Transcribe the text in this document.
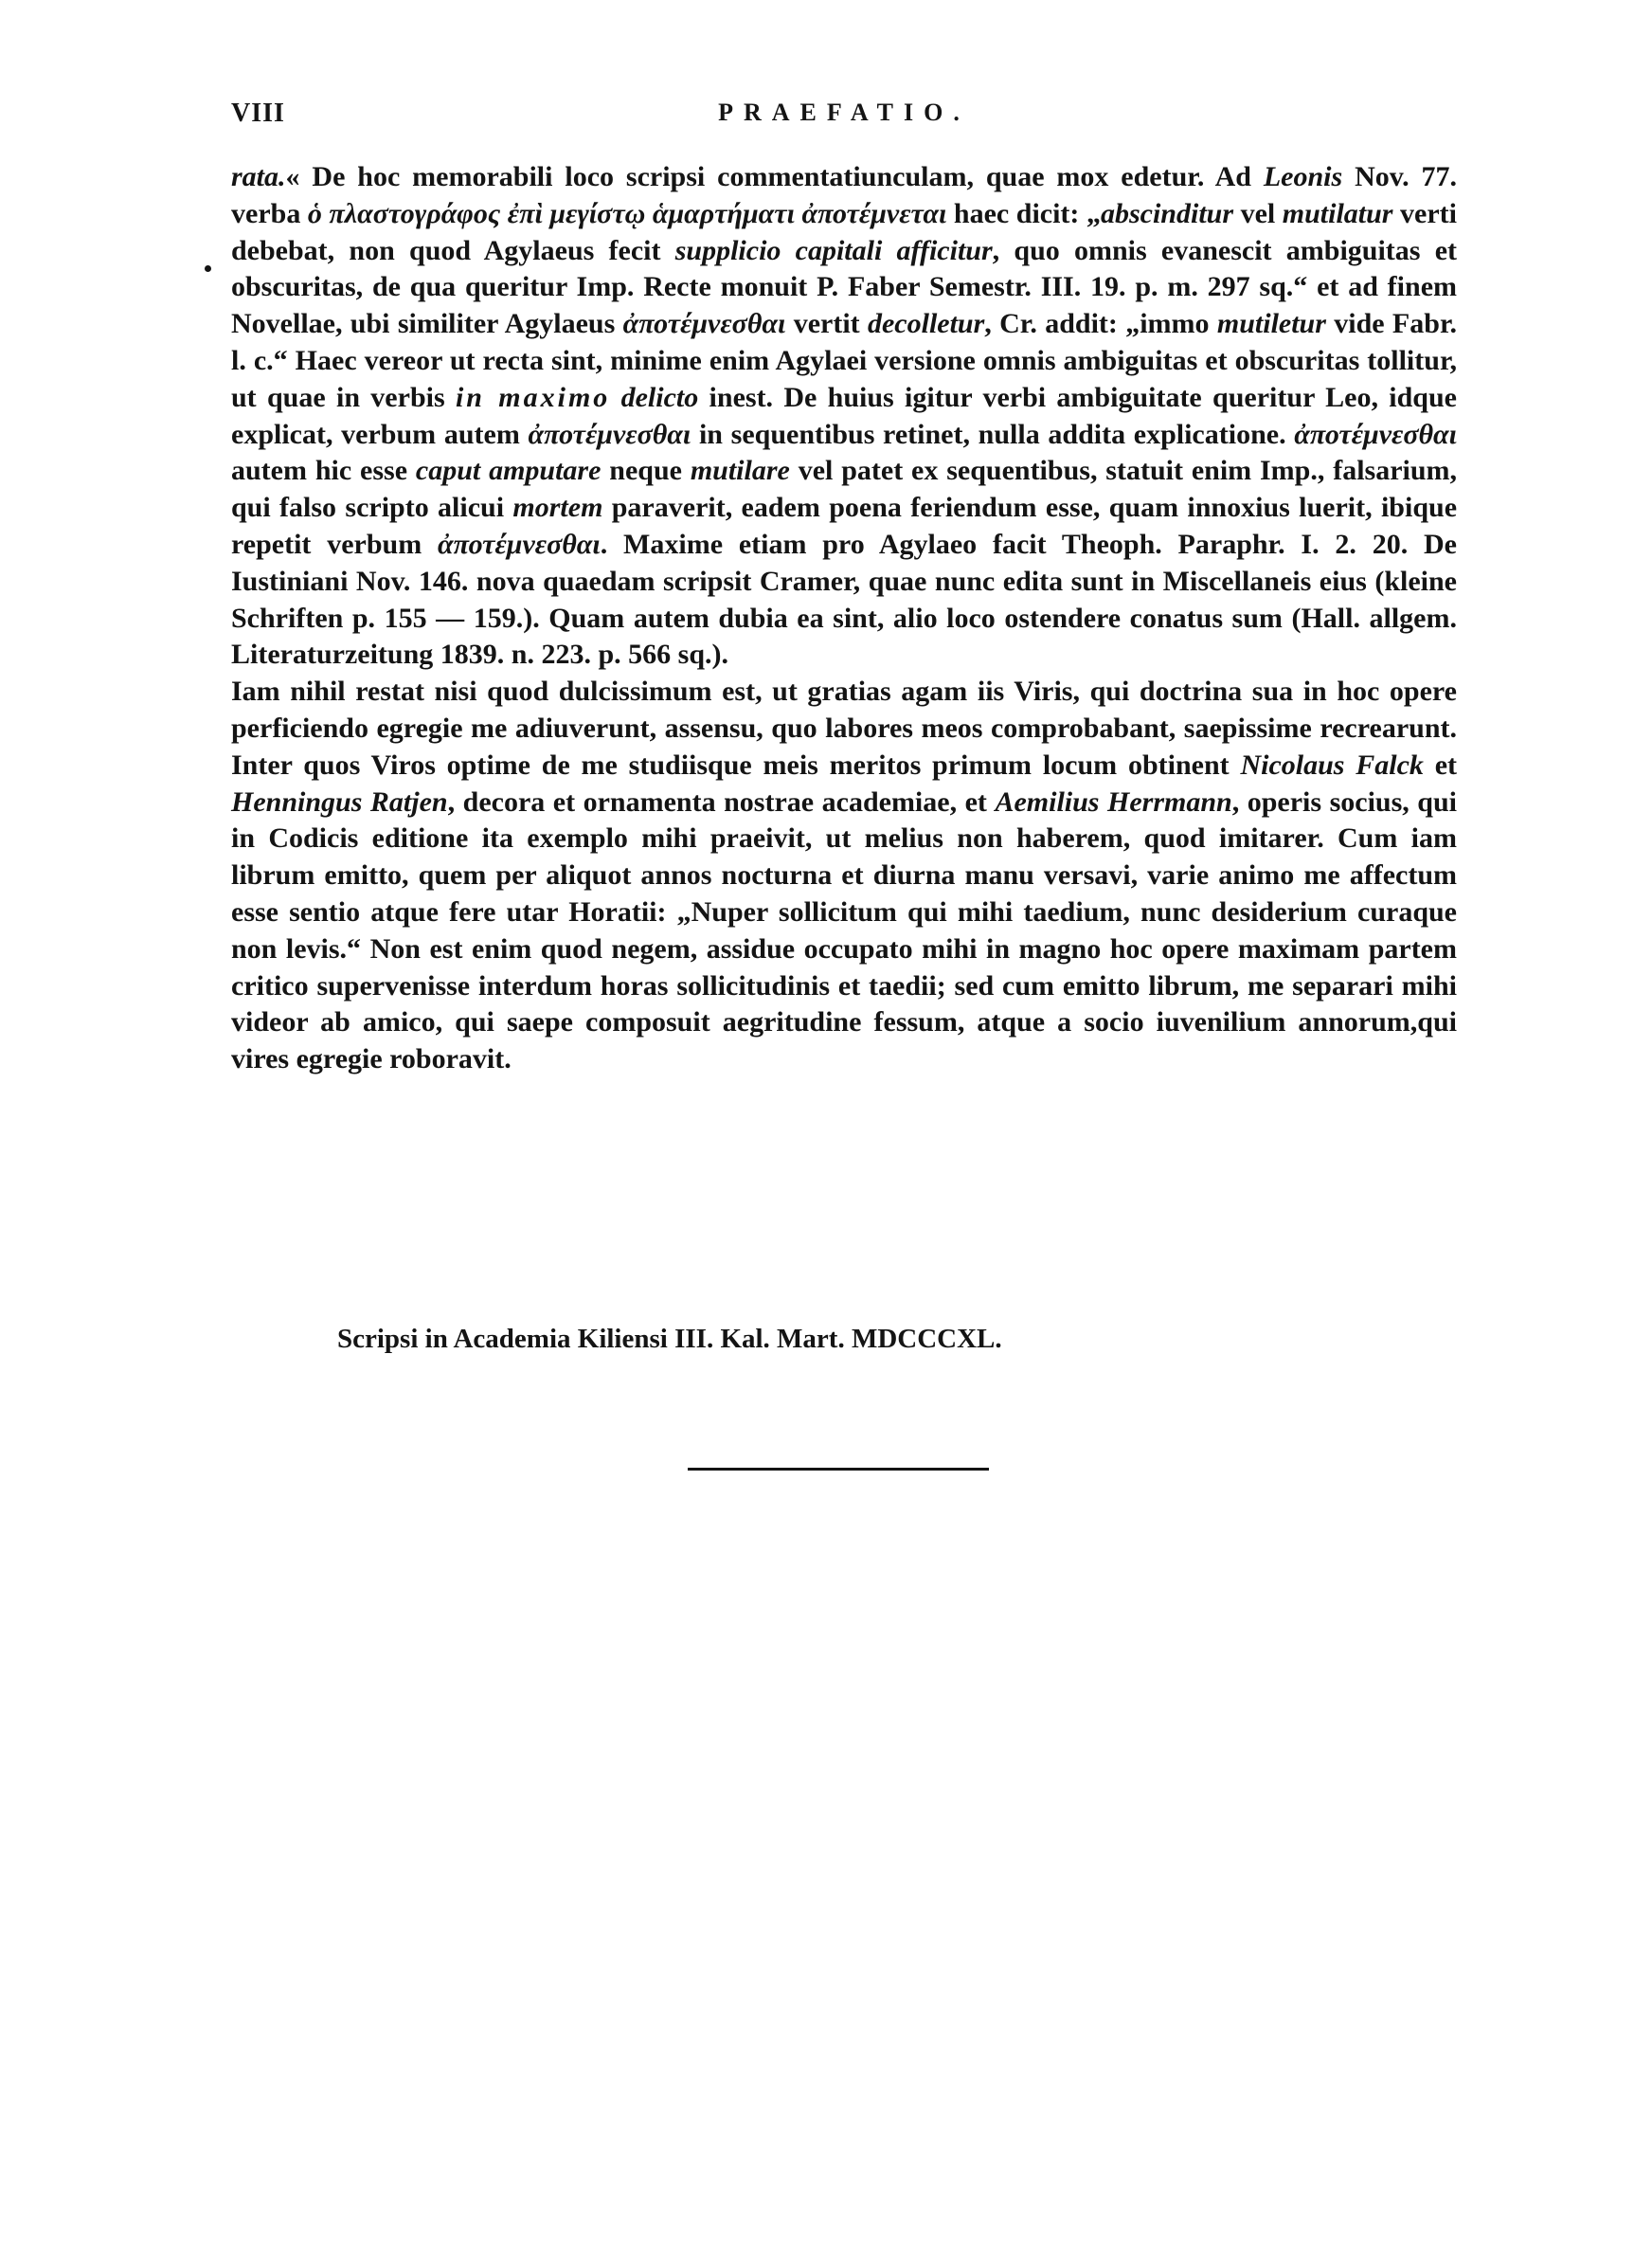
VIII	PRAEFATIO.

rata.« De hoc memorabili loco scripsi commentatiunculam, quae mox edetur. Ad Leonis Nov. 77. verba ὁ πλαστογράφος ἐπὶ μεγίστῳ ἁμαρτήματι ἀποτέμνεται haec dicit: „abscinditur vel mutilatur verti debebat, non quod Agylaeus fecit supplicio capitali afficitur, quo omnis evanescit ambiguitas et obscuritas, de qua queritur Imp. Recte monuit P. Faber Semestr. III. 19. p. m. 297 sq.“ et ad finem Novellae, ubi similiter Agylaeus ἀποτέμνεσθαι vertit decolletur, Cr. addit: „immo mutiletur vide Fabr. l. c.“ Haec vereor ut recta sint, minime enim Agylaei versione omnis ambiguitas et obscuritas tollitur, ut quae in verbis in maximo delicto inest. De huius igitur verbi ambiguitate queritur Leo, idque explicat, verbum autem ἀποτέμνεσθαι in sequentibus retinet, nulla addita explicatione. ἀποτέμνεσθαι autem hic esse caput amputare neque mutilare vel patet ex sequentibus, statuit enim Imp., falsarium, qui falso scripto alicui mortem paraverit, eadem poena feriendum esse, quam innoxius luerit, ibique repetit verbum ἀποτέμνεσθαι. Maxime etiam pro Agylaeo facit Theoph. Paraphr. I. 2. 20. De Iustiniani Nov. 146. nova quaedam scripsit Cramer, quae nunc edita sunt in Miscellaneis eius (kleine Schriften p. 155 — 159.). Quam autem dubia ea sint, alio loco ostendere conatus sum (Hall. allgem. Literaturzeitung 1839. n. 223. p. 566 sq.).

Iam nihil restat nisi quod dulcissimum est, ut gratias agam iis Viris, qui doctrina sua in hoc opere perficiendo egregie me adiuverunt, assensu, quo labores meos comprobabant, saepissime recrearunt. Inter quos Viros optime de me studiisque meis meritos primum locum obtinent Nicolaus Falck et Henningus Ratjen, decora et ornamenta nostrae academiae, et Aemilius Herrmann, operis socius, qui in Codicis editione ita exemplo mihi praeivit, ut melius non haberem, quod imitarer. Cum iam librum emitto, quem per aliquot annos nocturna et diurna manu versavi, varie animo me affectum esse sentio atque fere utar Horatii: „Nuper sollicitum qui mihi taedium, nunc desiderium curaque non levis.“ Non est enim quod negem, assidue occupato mihi in magno hoc opere maximam partem critico supervenisse interdum horas sollicitudinis et taedii; sed cum emitto librum, me separari mihi videor ab amico, qui saepe composuit aegritudine fessum, atque a socio iuvenilium annorum,qui vires egregie roboravit.

Scripsi in Academia Kiliensi III. Kal. Mart. MDCCCXL.
